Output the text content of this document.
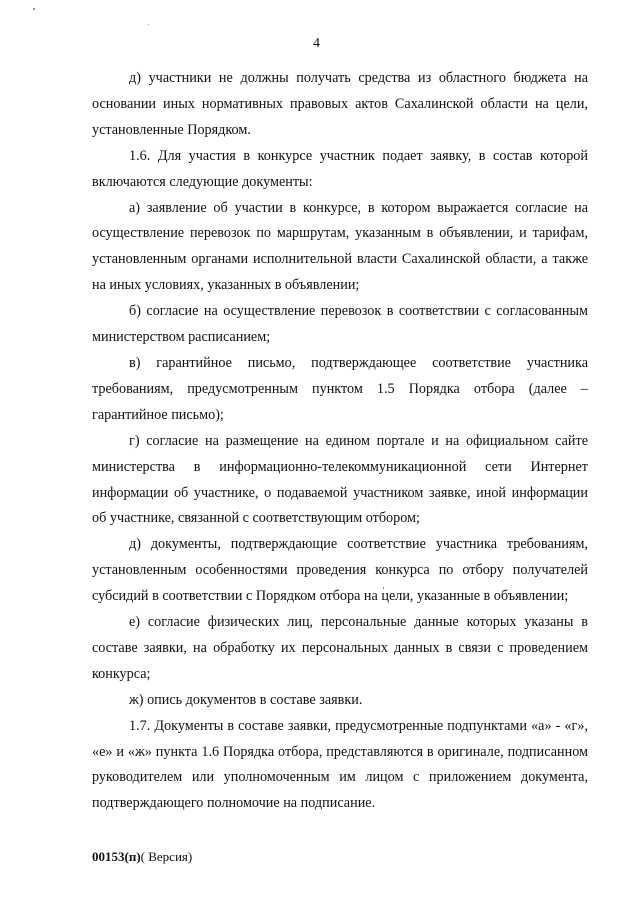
4

д) участники не должны получать средства из областного бюджета на основании иных нормативных правовых актов Сахалинской области на цели, установленные Порядком.

1.6. Для участия в конкурсе участник подает заявку, в состав которой включаются следующие документы:

а) заявление об участии в конкурсе, в котором выражается согласие на осуществление перевозок по маршрутам, указанным в объявлении, и тарифам, установленным органами исполнительной власти Сахалинской области, а также на иных условиях, указанных в объявлении;

б) согласие на осуществление перевозок в соответствии с согласованным министерством расписанием;

в) гарантийное письмо, подтверждающее соответствие участника требованиям, предусмотренным пунктом 1.5 Порядка отбора (далее – гарантийное письмо);

г) согласие на размещение на едином портале и на официальном сайте министерства в информационно-телекоммуникационной сети Интернет информации об участнике, о подаваемой участником заявке, иной информации об участнике, связанной с соответствующим отбором;

д) документы, подтверждающие соответствие участника требованиям, установленным особенностями проведения конкурса по отбору получателей субсидий в соответствии с Порядком отбора на цели, указанные в объявлении;

е) согласие физических лиц, персональные данные которых указаны в составе заявки, на обработку их персональных данных в связи с проведением конкурса;

ж) опись документов в составе заявки.

1.7. Документы в составе заявки, предусмотренные подпунктами «а» - «г», «е» и «ж» пункта 1.6 Порядка отбора, представляются в оригинале, подписанном руководителем или уполномоченным им лицом с приложением документа, подтверждающего полномочие на подписание.

00153(п)( Версия)
